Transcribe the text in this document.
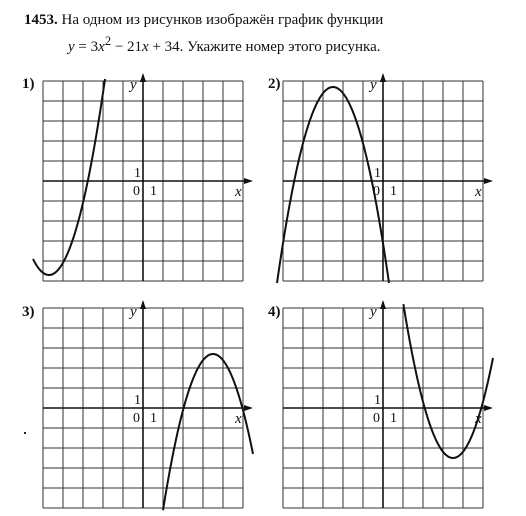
1453. На одном из рисунков изображён график функции
$y = 3x^2 - 21x + 34$. Укажите номер этого рисунка.
1)	2)
3)	4)
x
y
0 1
1
x
y
0 1
1
x
y
0 1
1
x
y
0 1
1
